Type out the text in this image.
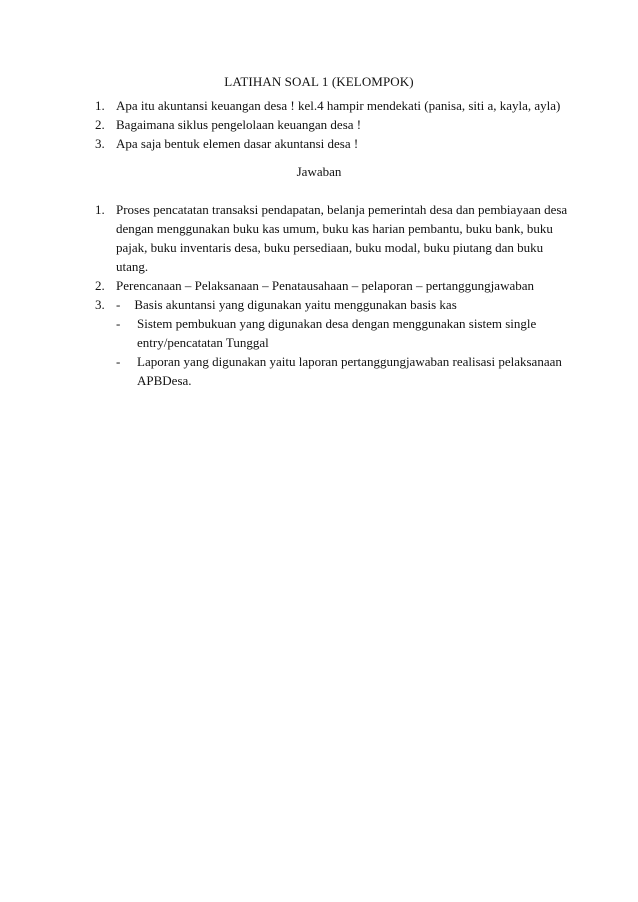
LATIHAN SOAL 1 (KELOMPOK)
1. Apa itu akuntansi keuangan desa ! kel.4 hampir mendekati (panisa, siti a, kayla, ayla)
2. Bagaimana siklus pengelolaan keuangan desa !
3. Apa saja bentuk elemen dasar akuntansi desa !
Jawaban
1. Proses pencatatan transaksi pendapatan, belanja pemerintah desa dan pembiayaan desa dengan menggunakan buku kas umum, buku kas harian pembantu, buku bank, buku pajak, buku inventaris desa, buku persediaan, buku modal, buku piutang dan buku utang.
2. Perencanaan – Pelaksanaan – Penatausahaan – pelaporan – pertanggungjawaban
3. - Basis akuntansi yang digunakan yaitu menggunakan basis kas
- Sistem pembukuan yang digunakan desa dengan menggunakan sistem single entry/pencatatan Tunggal
- Laporan yang digunakan yaitu laporan pertanggungjawaban realisasi pelaksanaan APBDesa.
